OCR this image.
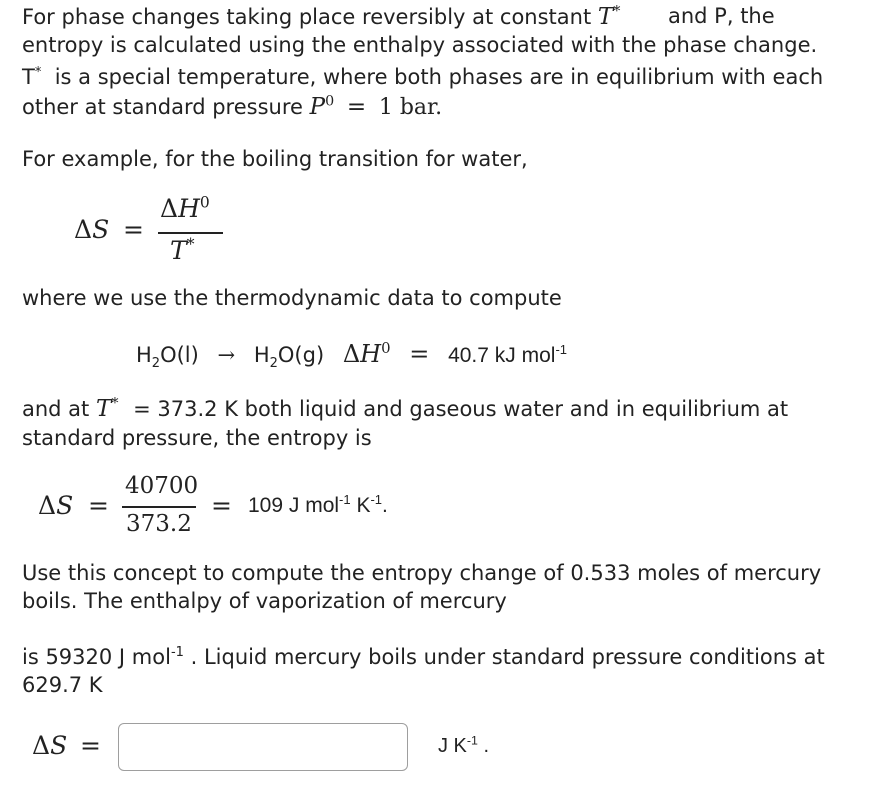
For phase changes taking place reversibly at constant T* and P, the
entropy is calculated using the enthalpy associated with the phase change.
T* is a special temperature, where both phases are in equilibrium with each
other at standard pressure $P^0 = 1$ bar.
For example, for the boiling transition for water,
ΔS =
$\Delta H^0$
T*
where we use the thermodynamic data to compute
$H_2O(l) \to H_2O(g) \Delta H^0 = 40.7$ kJ mol$^{-1}$
and at T* = 373.2 K both liquid and gaseous water and in equilibrium at
standard pressure, the entropy is
ΔS =
40700
373.2
= 109 J mol$^{-1}$ $K^{-1}$.
Use this concept to compute the entropy change of 0.533 moles of mercury
boils. The enthalpy of vaporization of mercury
is 59320 J mol$^{-1}$ . Liquid mercury boils under standard pressure conditions at
629.7 K
ΔS =	J $K^{-1}$ .
